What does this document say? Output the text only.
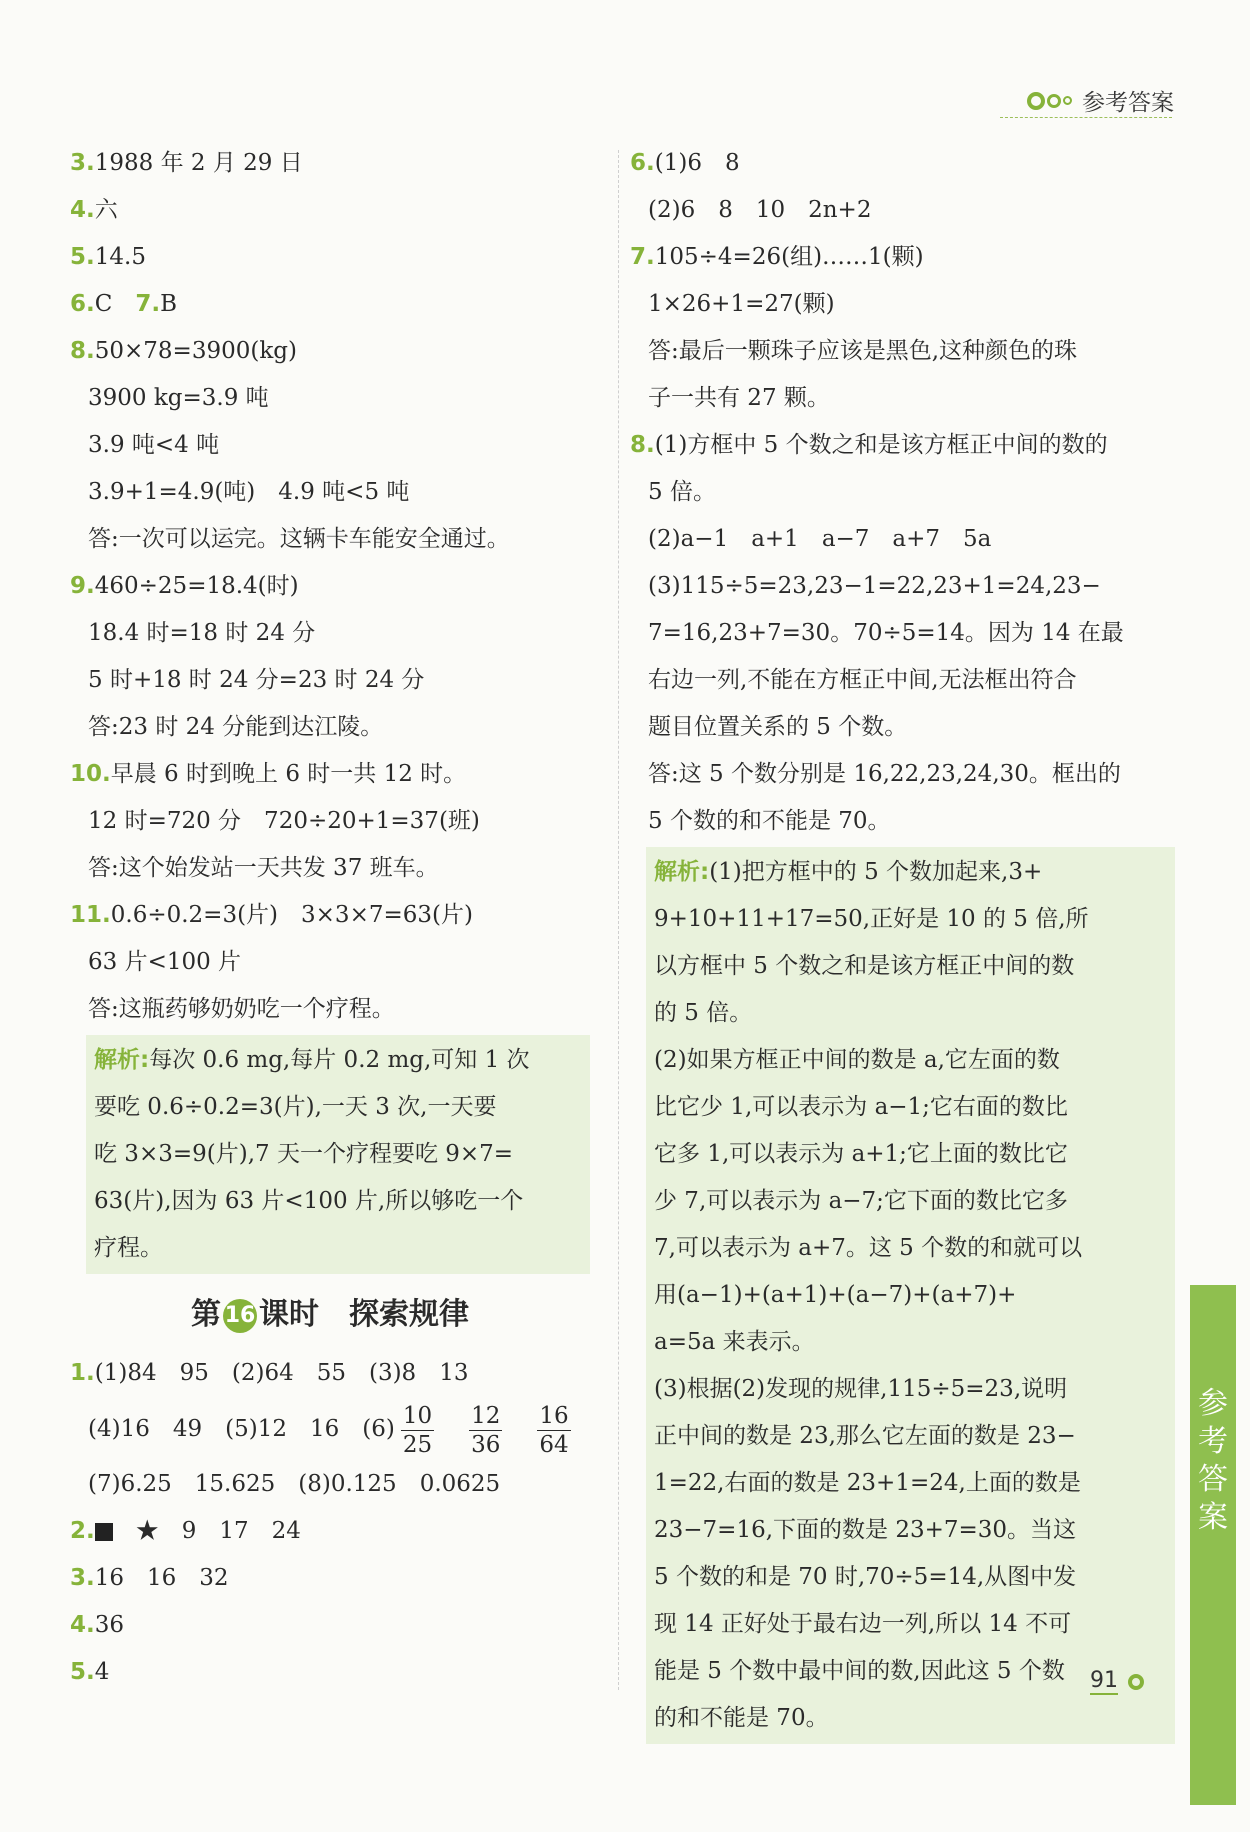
参考答案
3.1988 年 2 月 29 日
4.六
5.14.5
6.C　 7.B
8.50×78=3900(kg)
3900 kg=3.9 吨
3.9 吨<4 吨
3.9+1=4.9(吨)　4.9 吨<5 吨
答:一次可以运完。这辆卡车能安全通过。
9.460÷25=18.4(时)
18.4 时=18 时 24 分
5 时+18 时 24 分=23 时 24 分
答:23 时 24 分能到达江陵。
10.早晨 6 时到晚上 6 时一共 12 时。
12 时=720 分　720÷20+1=37(班)
答:这个始发站一天共发 37 班车。
11.0.6÷0.2=3(片)　3×3×7=63(片)
63 片<100 片
答:这瓶药够奶奶吃一个疗程。
解析:每次 0.6 mg,每片 0.2 mg,可知 1 次
要吃 0.6÷0.2=3(片),一天 3 次,一天要
吃 3×3=9(片),7 天一个疗程要吃 9×7=
63(片),因为 63 片<100 片,所以够吃一个
疗程。
第 16 课时　探索规律
1.(1)84　95　(2)64　55　(3)8　13
(4)16　49　(5)12　16　$(6) \frac{10}{25}$
　 $\frac{12}{36}$
　 $\frac{16}{64}$
(7)6.25　15.625　(8)0.125　0.0625
2.　 ★　 9　17　24
3.16　16　32
4.36
5.4
6.(1)6　8
(2)6　8　10　2n+2
7.105÷4=26(组)……1(颗)
1×26+1=27(颗)
答:最后一颗珠子应该是黑色,这种颜色的珠
子一共有 27 颗。
8.(1)方框中 5 个数之和是该方框正中间的数的
5 倍。
(2)a−1　a+1　a−7　a+7　5a
(3)115÷5=23,23−1=22,23+1=24,23−
7=16,23+7=30。70÷5=14。因为 14 在最
右边一列,不能在方框正中间,无法框出符合
题目位置关系的 5 个数。
答:这 5 个数分别是 16,22,23,24,30。框出的
5 个数的和不能是 70。
解析:(1)把方框中的 5 个数加起来,3+
9+10+11+17=50,正好是 10 的 5 倍,所
以方框中 5 个数之和是该方框正中间的数
的 5 倍。
(2)如果方框正中间的数是 a,它左面的数
比它少 1,可以表示为 a−1;它右面的数比
它多 1,可以表示为 a+1;它上面的数比它
少 7,可以表示为 a−7;它下面的数比它多
7,可以表示为 a+7。这 5 个数的和就可以
用(a−1)+(a+1)+(a−7)+(a+7)+
a=5a 来表示。
(3)根据(2)发现的规律,115÷5=23,说明
正中间的数是 23,那么它左面的数是 23−
1=22,右面的数是 23+1=24,上面的数是
23−7=16,下面的数是 23+7=30。当这
5 个数的和是 70 时,70÷5=14,从图中发
现 14 正好处于最右边一列,所以 14 不可
能是 5 个数中最中间的数,因此这 5 个数
的和不能是 70。
参考答案
91
